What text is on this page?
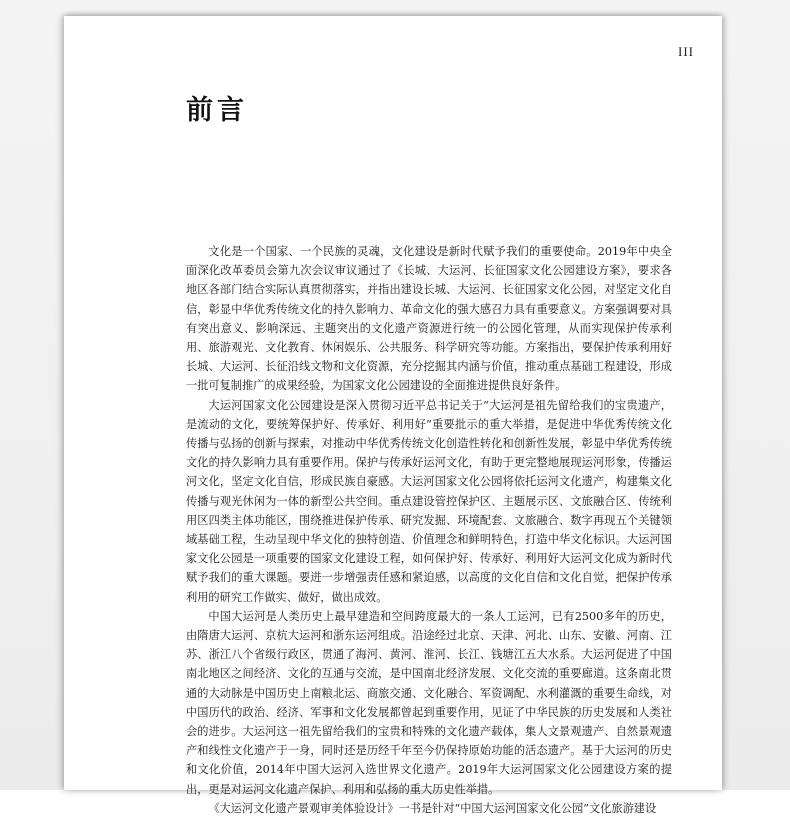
III
前言

文化是一个国家、一个民族的灵魂，文化建设是新时代赋予我们的重要使命。2019年中央全面深化改革委员会第九次会议审议通过了《长城、大运河、长征国家文化公园建设方案》，要求各地区各部门结合实际认真贯彻落实，并指出建设长城、大运河、长征国家文化公园，对坚定文化自信，彰显中华优秀传统文化的持久影响力、革命文化的强大感召力具有重要意义。方案强调要对具有突出意义、影响深远、主题突出的文化遗产资源进行统一的公园化管理，从而实现保护传承利用、旅游观光、文化教育、休闲娱乐、公共服务、科学研究等功能。方案指出，要保护传承利用好长城、大运河、长征沿线文物和文化资源，充分挖掘其内涵与价值，推动重点基础工程建设，形成一批可复制推广的成果经验，为国家文化公园建设的全面推进提供良好条件。

大运河国家文化公园建设是深入贯彻习近平总书记关于“大运河是祖先留给我们的宝贵遗产，是流动的文化，要统筹保护好、传承好、利用好”重要批示的重大举措，是促进中华优秀传统文化传播与弘扬的创新与探索，对推动中华优秀传统文化创造性转化和创新性发展，彰显中华优秀传统文化的持久影响力具有重要作用。保护与传承好运河文化，有助于更完整地展现运河形象，传播运河文化，坚定文化自信，形成民族自豪感。大运河国家文化公园将依托运河文化遗产，构建集文化传播与观光休闲为一体的新型公共空间。重点建设管控保护区、主题展示区、文旅融合区、传统利用区四类主体功能区，围绕推进保护传承、研究发掘、环境配套、文旅融合、数字再现五个关键领域基础工程，生动呈现中华文化的独特创造、价值理念和鲜明特色，打造中华文化标识。大运河国家文化公园是一项重要的国家文化建设工程，如何保护好、传承好、利用好大运河文化成为新时代赋予我们的重大课题。要进一步增强责任感和紧迫感，以高度的文化自信和文化自觉，把保护传承利用的研究工作做实、做好，做出成效。

中国大运河是人类历史上最早建造和空间跨度最大的一条人工运河，已有2500多年的历史，由隋唐大运河、京杭大运河和浙东运河组成。沿途经过北京、天津、河北、山东、安徽、河南、江苏、浙江八个省级行政区，贯通了海河、黄河、淮河、长江、钱塘江五大水系。大运河促进了中国南北地区之间经济、文化的互通与交流，是中国南北经济发展、文化交流的重要廊道。这条南北贯通的大动脉是中国历史上南粮北运、商旅交通、文化融合、军资调配、水利灌溉的重要生命线，对中国历代的政治、经济、军事和文化发展都曾起到重要作用，见证了中华民族的历史发展和人类社会的进步。大运河这一祖先留给我们的宝贵和特殊的文化遗产载体，集人文景观遗产、自然景观遗产和线性文化遗产于一身，同时还是历经千年至今仍保持原始功能的活态遗产。基于大运河的历史和文化价值，2014年中国大运河入选世界文化遗产。2019年大运河国家文化公园建设方案的提出，更是对运河文化遗产保护、利用和弘扬的重大历史性举措。

《大运河文化遗产景观审美体验设计》一书是针对“中国大运河国家文化公园”文化旅游建设
